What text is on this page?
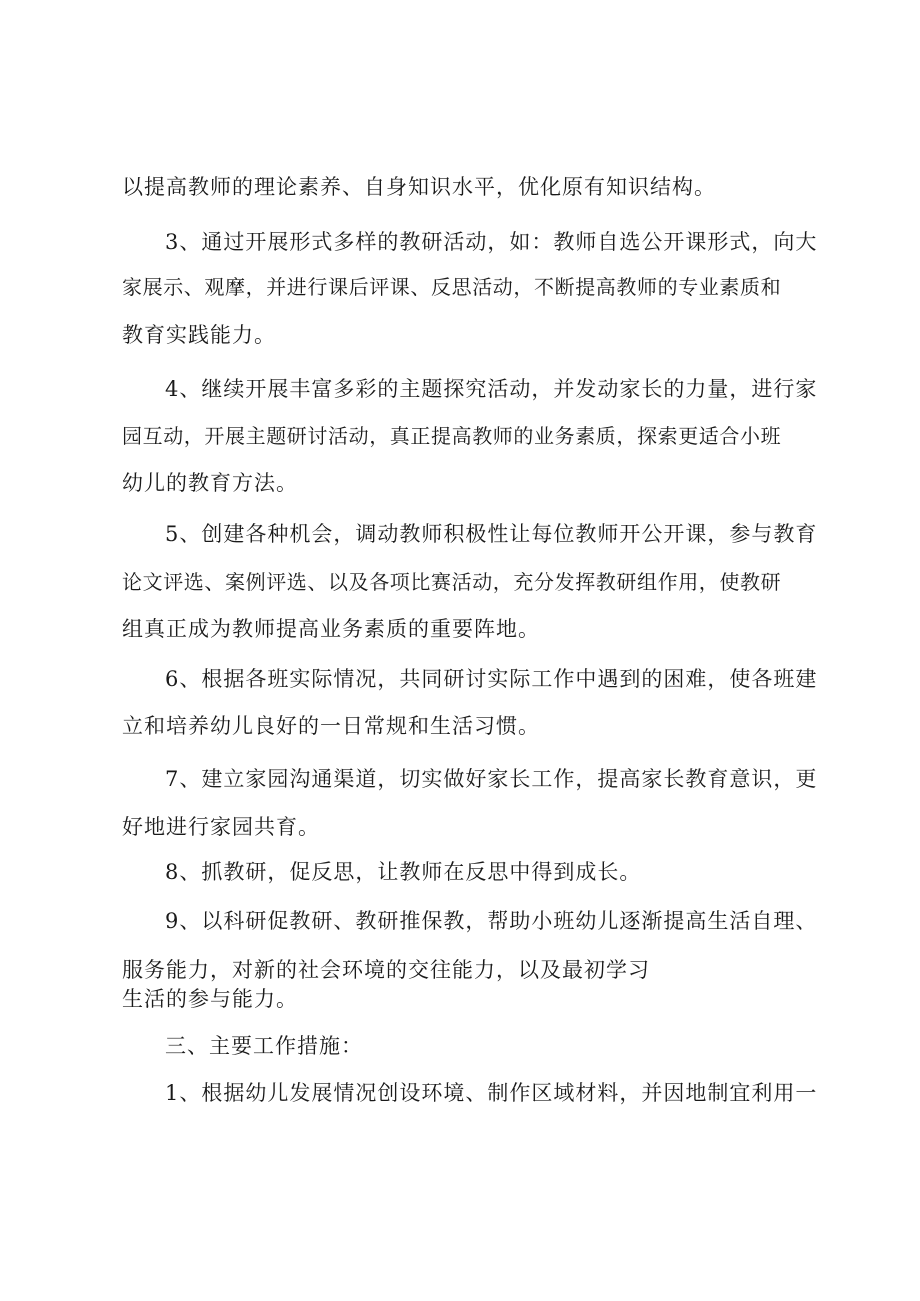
以提高教师的理论素养、自身知识水平，优化原有知识结构。
3、通过开展形式多样的教研活动，如：教师自选公开课形式，向大
家展示、观摩，并进行课后评课、反思活动，不断提高教师的专业素质和
教育实践能力。
4、继续开展丰富多彩的主题探究活动，并发动家长的力量，进行家
园互动，开展主题研讨活动，真正提高教师的业务素质，探索更适合小班
幼儿的教育方法。
5、创建各种机会，调动教师积极性让每位教师开公开课，参与教育
论文评选、案例评选、以及各项比赛活动，充分发挥教研组作用，使教研
组真正成为教师提高业务素质的重要阵地。
6、根据各班实际情况，共同研讨实际工作中遇到的困难，使各班建
立和培养幼儿良好的一日常规和生活习惯。
7、建立家园沟通渠道，切实做好家长工作，提高家长教育意识，更
好地进行家园共育。
8、抓教研，促反思，让教师在反思中得到成长。
9、以科研促教研、教研推保教，帮助小班幼儿逐渐提高生活自理、
服务能力，对新的社会环境的交往能力，以及最初学习
生活的参与能力。
三、主要工作措施：
1、根据幼儿发展情况创设环境、制作区域材料，并因地制宜利用一
